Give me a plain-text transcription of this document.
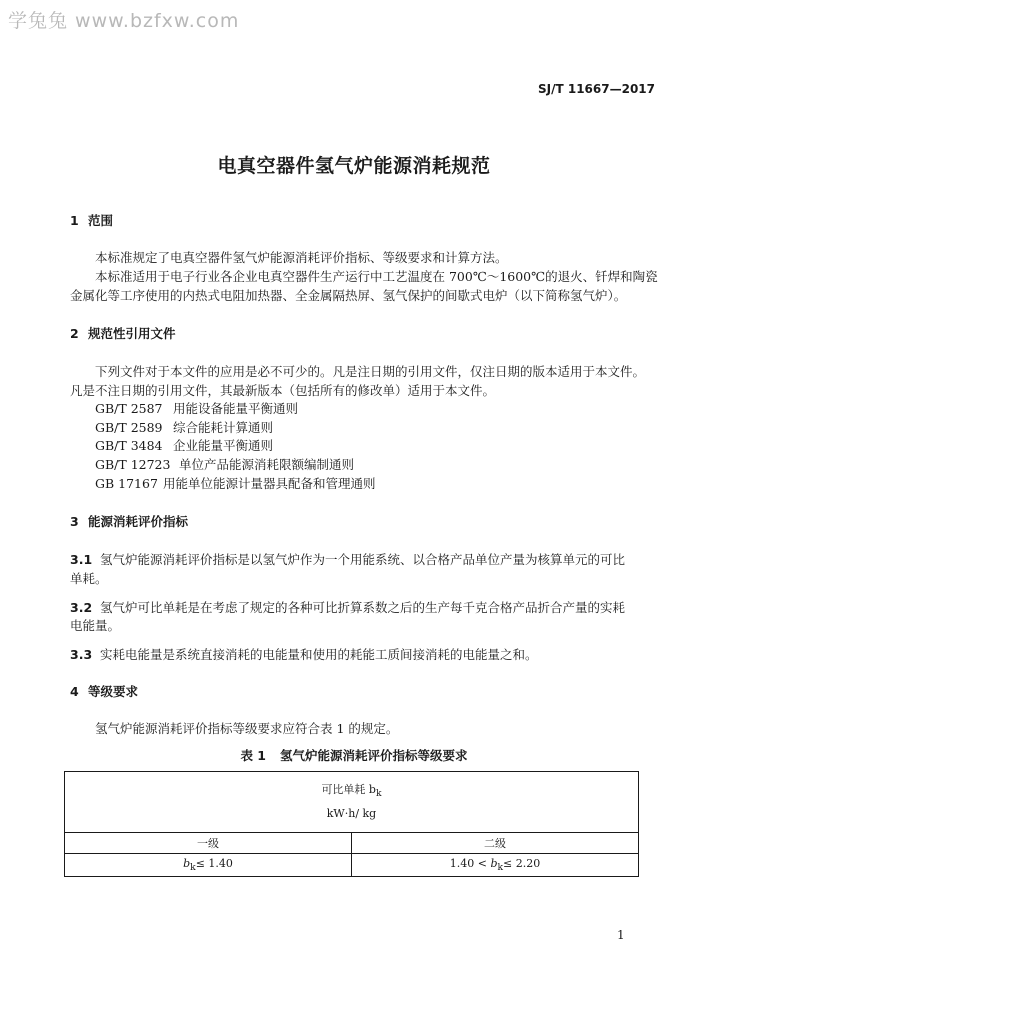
学兔兔 www.bzfxw.com
SJ/T 11667—2017
电真空器件氢气炉能源消耗规范
1 范围
本标准规定了电真空器件氢气炉能源消耗评价指标、等级要求和计算方法。
本标准适用于电子行业各企业电真空器件生产运行中工艺温度在 700℃～1600℃的退火、钎焊和陶瓷
金属化等工序使用的内热式电阻加热器、全金属隔热屏、氢气保护的间歇式电炉（以下简称氢气炉）。
2 规范性引用文件
下列文件对于本文件的应用是必不可少的。凡是注日期的引用文件，仅注日期的版本适用于本文件。
凡是不注日期的引用文件，其最新版本（包括所有的修改单）适用于本文件。
GB/T 2587 用能设备能量平衡通则
GB/T 2589 综合能耗计算通则
GB/T 3484 企业能量平衡通则
GB/T 12723 单位产品能源消耗限额编制通则
GB 17167 用能单位能源计量器具配备和管理通则
3 能源消耗评价指标
3.1 氢气炉能源消耗评价指标是以氢气炉作为一个用能系统、以合格产品单位产量为核算单元的可比
单耗。
3.2 氢气炉可比单耗是在考虑了规定的各种可比折算系数之后的生产每千克合格产品折合产量的实耗
电能量。
3.3 实耗电能量是系统直接消耗的电能量和使用的耗能工质间接消耗的电能量之和。
4 等级要求
氢气炉能源消耗评价指标等级要求应符合表 1 的规定。
表 1 氢气炉能源消耗评价指标等级要求
可比单耗 $b_k$
kW·h/ kg	

一级	二级
$b_k\le 1.40$	$1.40 < b_k\le 2.20$
1
